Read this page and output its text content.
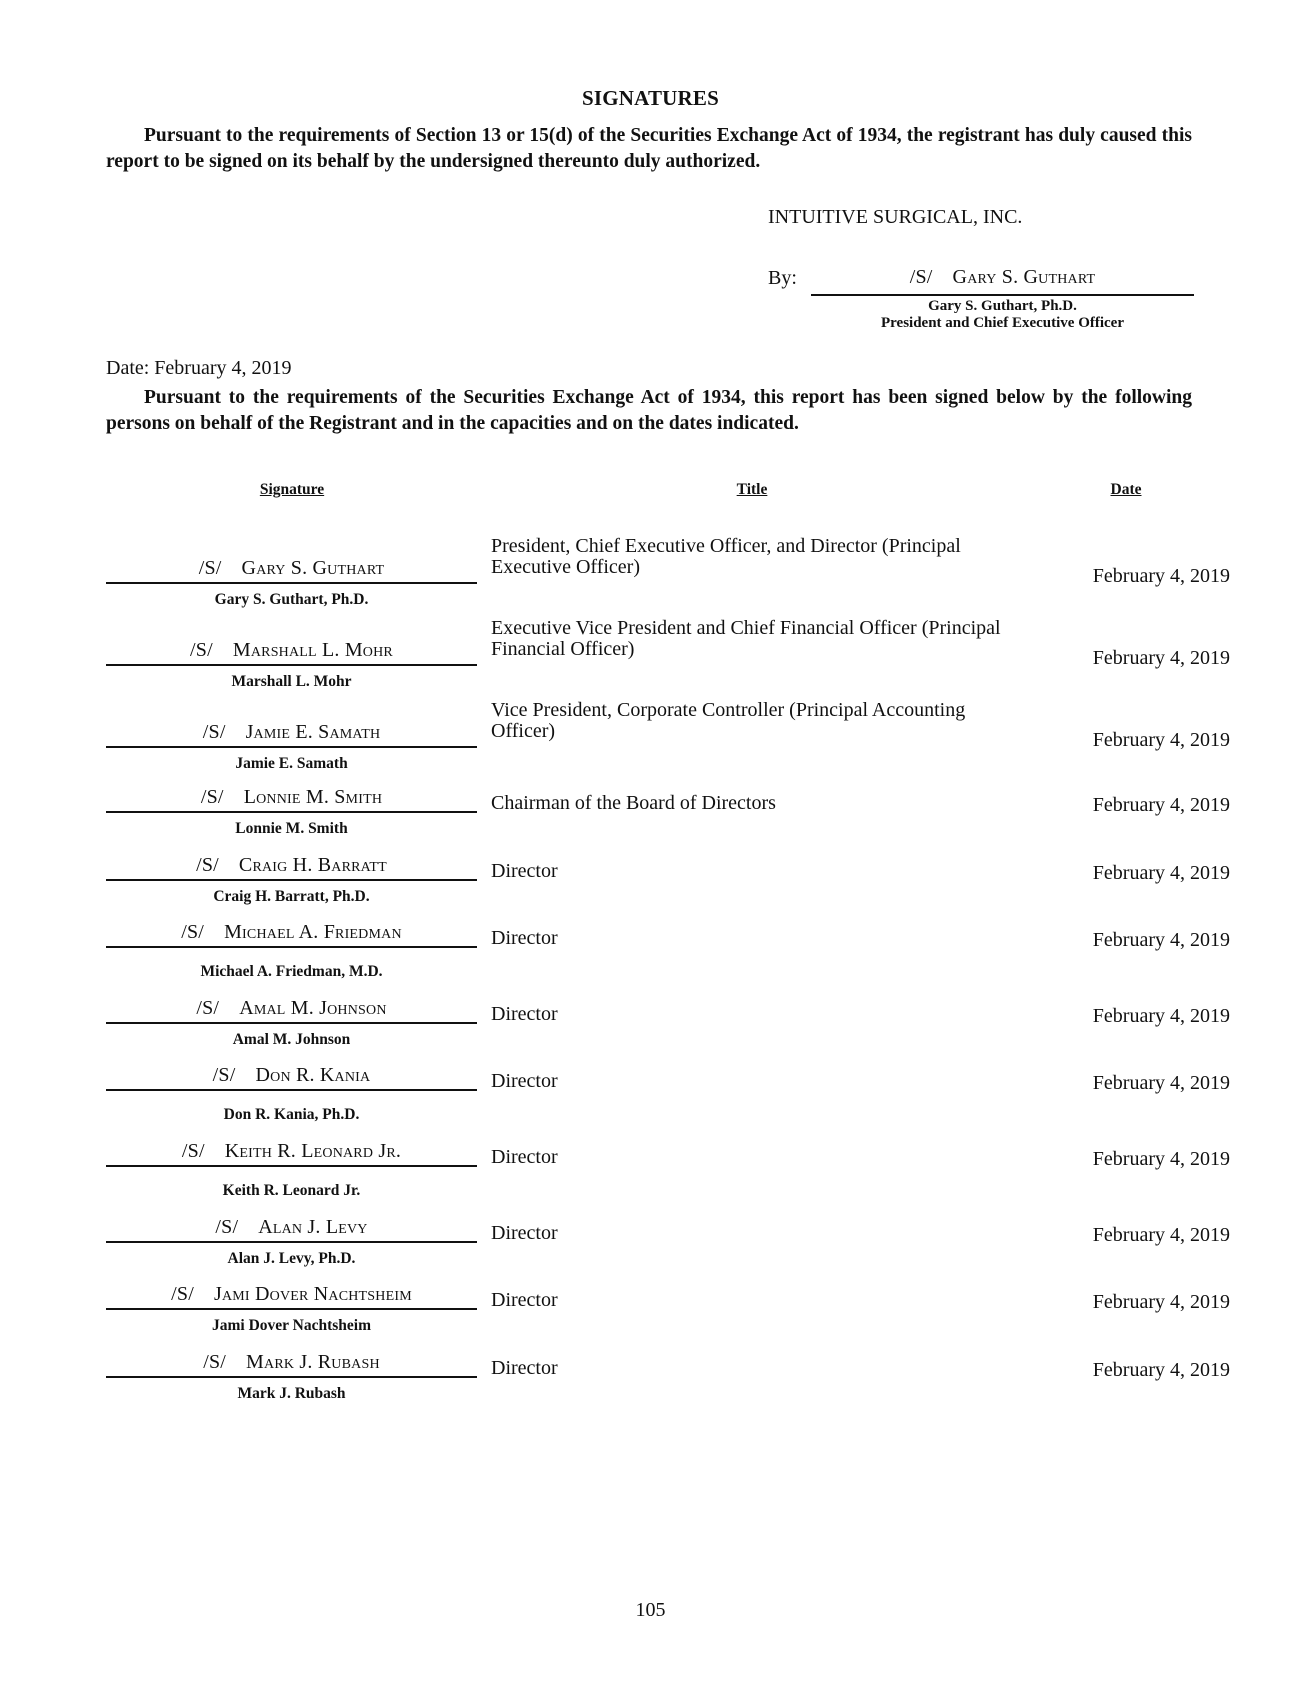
SIGNATURES
Pursuant to the requirements of Section 13 or 15(d) of the Securities Exchange Act of 1934, the registrant has duly caused this report to be signed on its behalf by the undersigned thereunto duly authorized.
INTUITIVE SURGICAL, INC.
By:	/S/ Gary S. Guthart
Gary S. Guthart, Ph.D.
President and Chief Executive Officer
Date: February 4, 2019
Pursuant to the requirements of the Securities Exchange Act of 1934, this report has been signed below by the following persons on behalf of the Registrant and in the capacities and on the dates indicated.
Signature	Title	Date
/S/ Gary S. Guthart
Gary S. Guthart, Ph.D.
President, Chief Executive Officer, and Director (Principal Executive Officer)	February 4, 2019
/S/ Marshall L. Mohr
Marshall L. Mohr
Executive Vice President and Chief Financial Officer (Principal Financial Officer)	February 4, 2019
/S/ Jamie E. Samath
Jamie E. Samath
Vice President, Corporate Controller (Principal Accounting Officer)	February 4, 2019
/S/ Lonnie M. Smith
Lonnie M. Smith
Chairman of the Board of Directors	February 4, 2019
/S/ Craig H. Barratt
Craig H. Barratt, Ph.D.
Director	February 4, 2019
/S/ Michael A. Friedman
Michael A. Friedman, M.D.
Director	February 4, 2019
/S/ Amal M. Johnson
Amal M. Johnson
Director	February 4, 2019
/S/ Don R. Kania
Don R. Kania, Ph.D.
Director	February 4, 2019
/S/ Keith R. Leonard Jr.
Keith R. Leonard Jr.
Director	February 4, 2019
/S/ Alan J. Levy
Alan J. Levy, Ph.D.
Director	February 4, 2019
/S/ Jami Dover Nachtsheim
Jami Dover Nachtsheim
Director	February 4, 2019
/S/ Mark J. Rubash
Mark J. Rubash
Director	February 4, 2019
105
